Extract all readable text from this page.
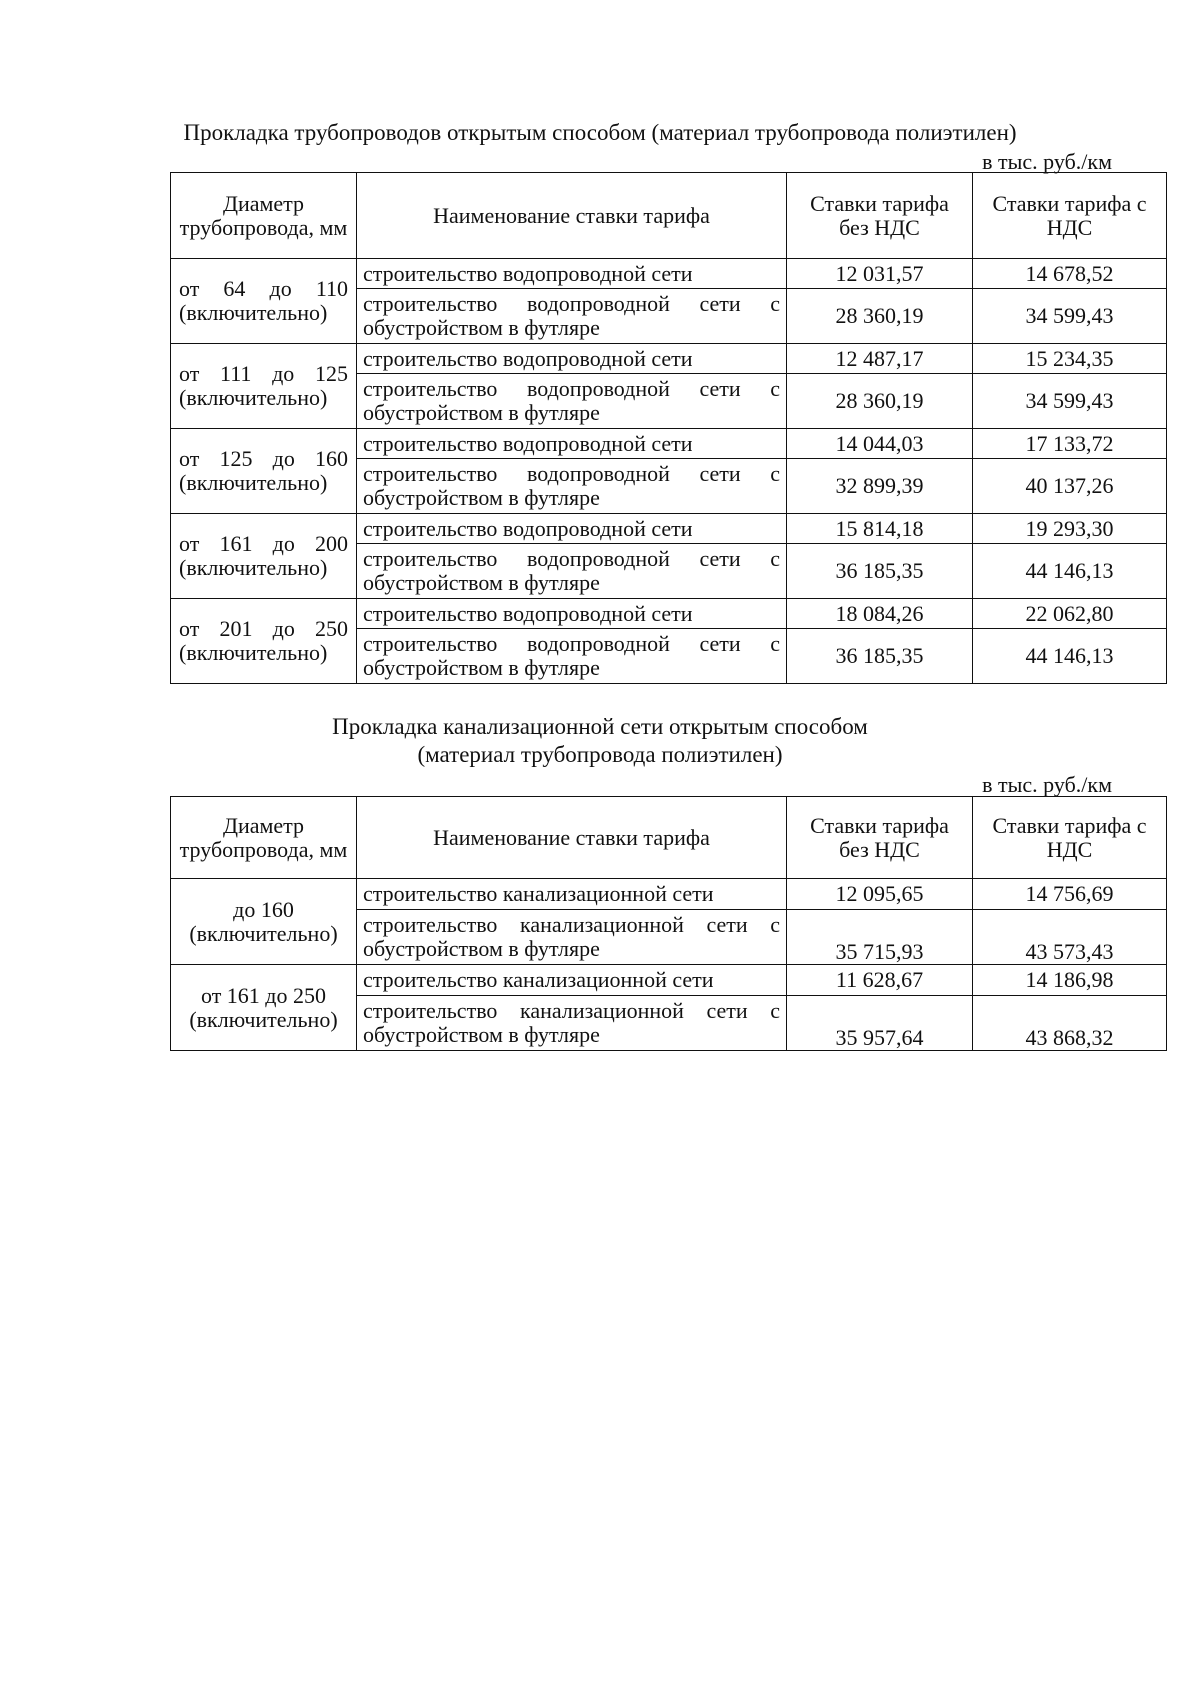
Прокладка трубопроводов открытым способом (материал трубопровода полиэтилен)
в тыс. руб./км
Диаметр трубопровода, мм	Наименование ставки тарифа	Ставки тарифа без НДС	Ставки тарифа с НДС
от 64 до 110 (включительно)	строительство водопроводной сети	12 031,57	14 678,52
	строительство водопроводной сети с обустройством в футляре	28 360,19	34 599,43
от 111 до 125 (включительно)	строительство водопроводной сети	12 487,17	15 234,35
	строительство водопроводной сети с обустройством в футляре	28 360,19	34 599,43
от 125 до 160 (включительно)	строительство водопроводной сети	14 044,03	17 133,72
	строительство водопроводной сети с обустройством в футляре	32 899,39	40 137,26
от 161 до 200 (включительно)	строительство водопроводной сети	15 814,18	19 293,30
	строительство водопроводной сети с обустройством в футляре	36 185,35	44 146,13
от 201 до 250 (включительно)	строительство водопроводной сети	18 084,26	22 062,80
	строительство водопроводной сети с обустройством в футляре	36 185,35	44 146,13
Прокладка канализационной сети открытым способом
(материал трубопровода полиэтилен)
в тыс. руб./км
Диаметр трубопровода, мм	Наименование ставки тарифа	Ставки тарифа без НДС	Ставки тарифа с НДС
до 160 (включительно)	строительство канализационной сети	12 095,65	14 756,69
	строительство канализационной сети с обустройством в футляре	35 715,93	43 573,43
от 161 до 250 (включительно)	строительство канализационной сети	11 628,67	14 186,98
	строительство канализационной сети с обустройством в футляре	35 957,64	43 868,32
